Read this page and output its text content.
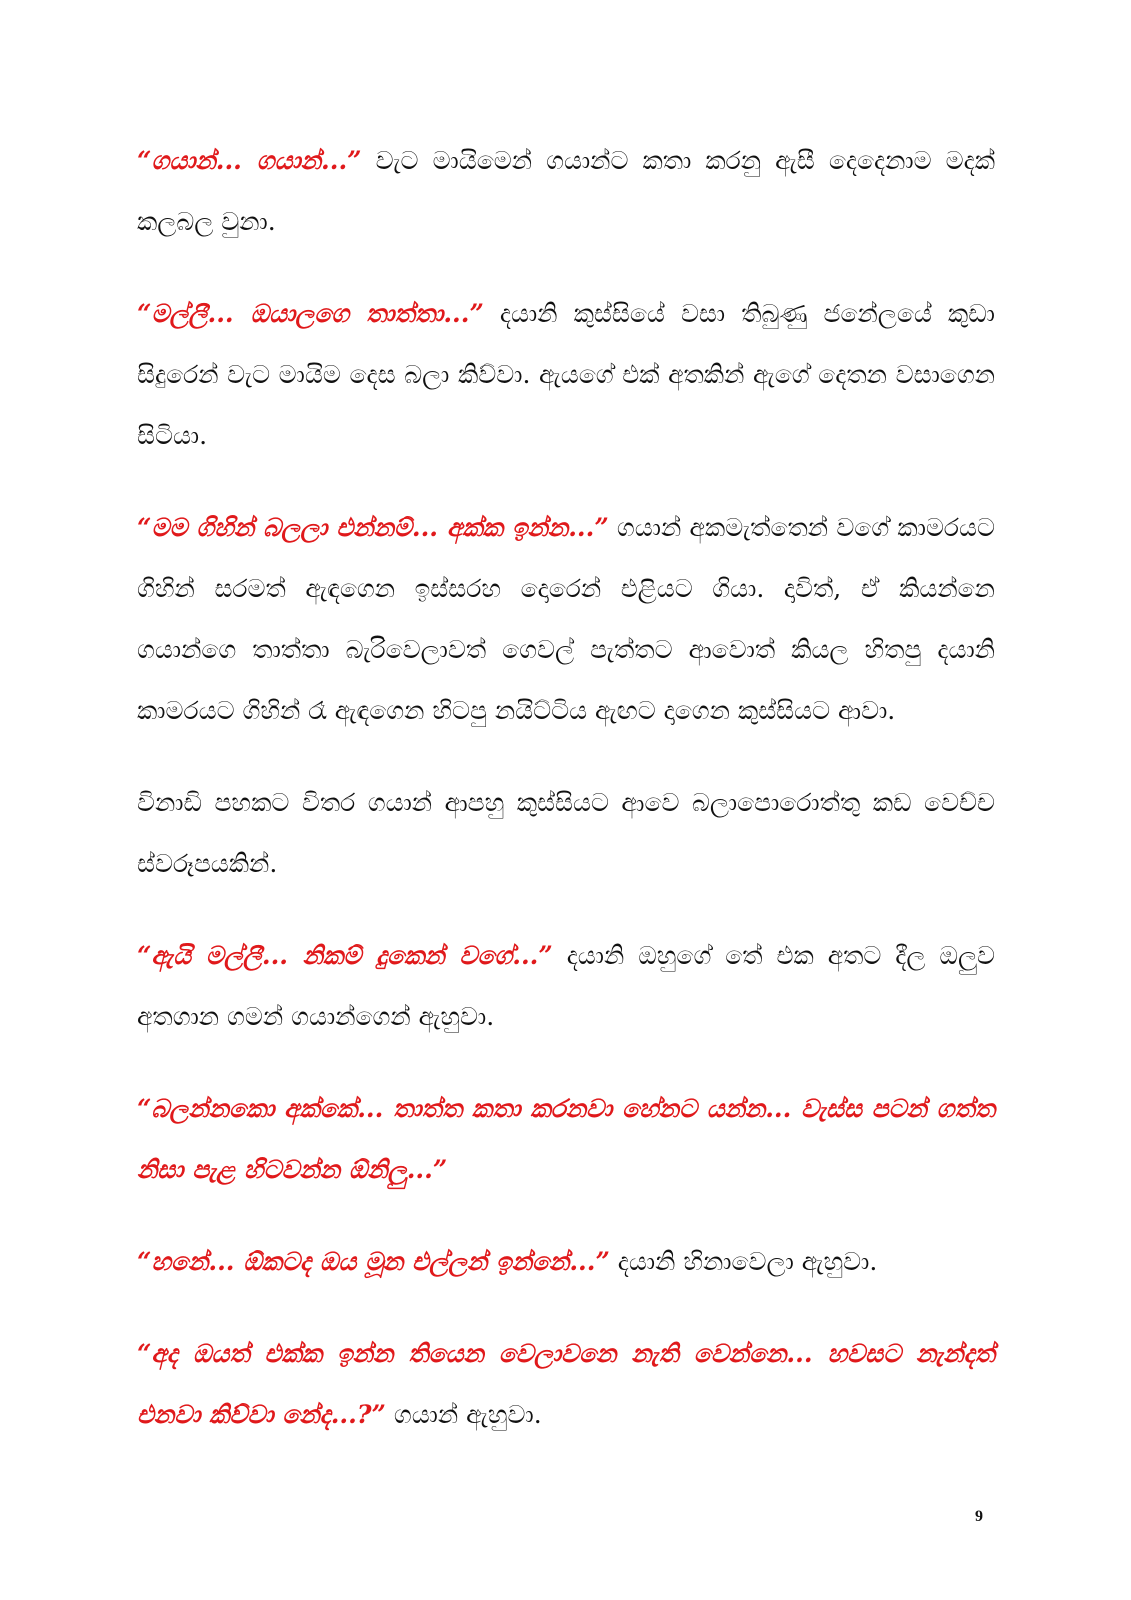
“ගයාන්... ගයාන්...” වැට මායිමෙන් ගයාන්ට කතා කරනු ඇසී දෙදෙනාම මදක් කලබල වුනා.

“මල්ලී... ඔයාලගෙ තාත්තා...” දයානි කුස්සියේ වසා තිබුණු ජනේලයේ කුඩා සිදුරෙන් වැට මායිම දෙස බලා කිව්වා. ඇයගේ එක් අතකින් ඇගේ දෙතන වසාගෙන සිටියා.

“මම ගිහින් බලලා එන්නම්... අක්ක ඉන්න...” ගයාන් අකමැත්තෙන් වගේ කාමරයට ගිහින් සරමත් ඇඳගෙන ඉස්සරහ දොරෙන් එළියට ගියා. දාවිත්, ඒ කියන්නෙ ගයාන්ගෙ තාත්තා බැරිවෙලාවත් ගෙවල් පැත්තට ආවොත් කියල හිතපු දයානි කාමරයට ගිහින් රෑ ඇඳගෙන හිටපු නයිට්ටිය ඇඟට දාගෙන කුස්සියට ආවා.

විනාඩි පහකට විතර ගයාන් ආපහු කුස්සියට ආවෙ බලාපොරොත්තු කඩ වෙච්ච ස්වරූපයකින්.

“ඇයි මල්ලී... නිකම් දුකෙන් වගේ...” දයානි ඔහුගේ තේ එක අතට දීල ඔලුව අතගාන ගමන් ගයාන්ගෙන් ඇහුවා.

“බලන්නකො අක්කේ... තාත්ත කතා කරනවා හේනට යන්න... වැස්ස පටන් ගත්ත නිසා පැළ හිටවන්න ඕනිලු...”

“හනේ... ඕකටද ඔය මූන එල්ලන් ඉන්නේ...” දයානි හිනාවෙලා ඇහුවා.

“අද ඔයත් එක්ක ඉන්න තියෙන වෙලාවනෙ නැති වෙන්නෙ... හවසට නැන්දත් එනවා කිව්වා නේද...?” ගයාන් ඇහුවා.

9
